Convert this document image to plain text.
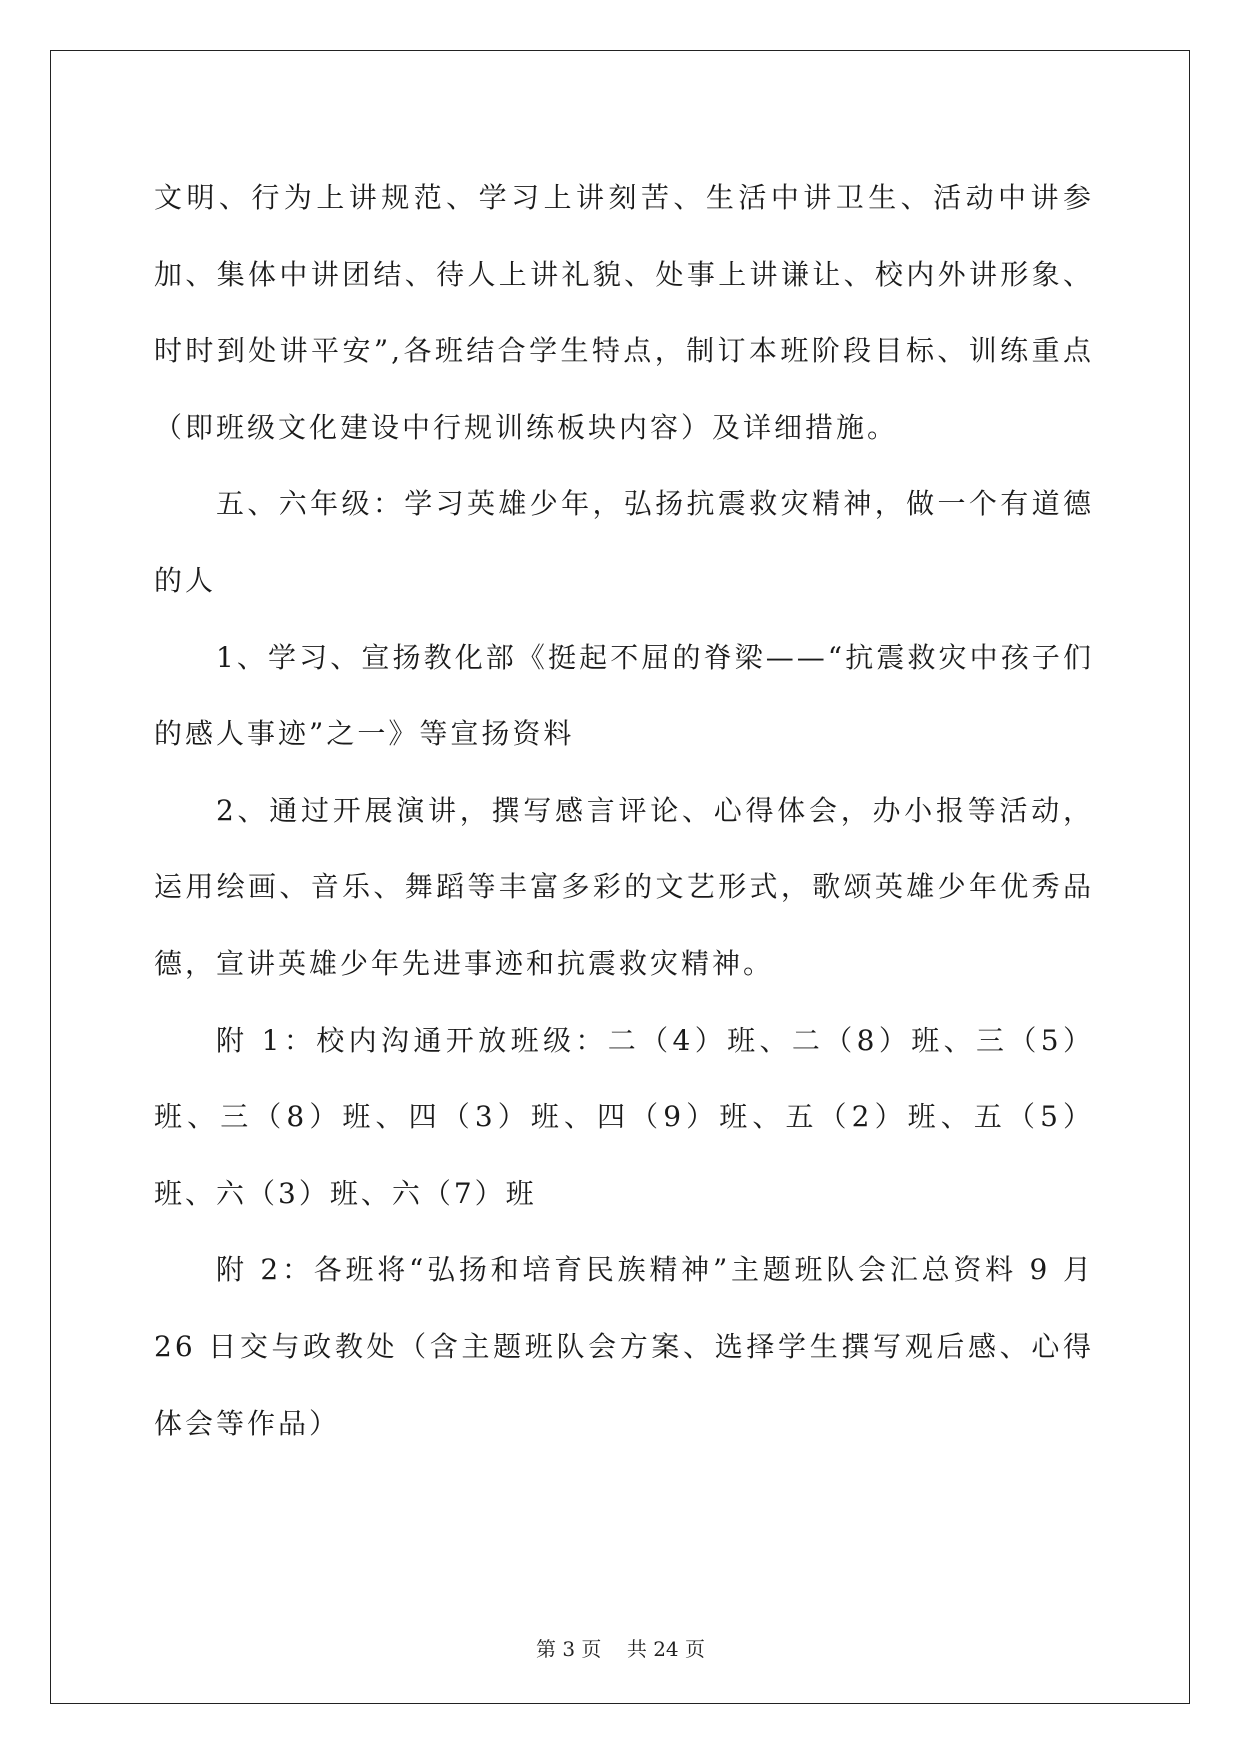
文明、行为上讲规范、学习上讲刻苦、生活中讲卫生、活动中讲参加、集体中讲团结、待人上讲礼貌、处事上讲谦让、校内外讲形象、时时到处讲平安”,各班结合学生特点，制订本班阶段目标、训练重点（即班级文化建设中行规训练板块内容）及详细措施。

五、六年级：学习英雄少年，弘扬抗震救灾精神，做一个有道德的人

1、学习、宣扬教化部《挺起不屈的脊梁——“抗震救灾中孩子们的感人事迹”之一》等宣扬资料

2、通过开展演讲，撰写感言评论、心得体会，办小报等活动，运用绘画、音乐、舞蹈等丰富多彩的文艺形式，歌颂英雄少年优秀品德，宣讲英雄少年先进事迹和抗震救灾精神。

附 1：校内沟通开放班级：二（4）班、二（8）班、三（5）班、三（8）班、四（3）班、四（9）班、五（2）班、五（5）班、六（3）班、六（7）班

附 2：各班将“弘扬和培育民族精神”主题班队会汇总资料 9 月 26 日交与政教处（含主题班队会方案、选择学生撰写观后感、心得体会等作品）

第 3 页    共 24 页
